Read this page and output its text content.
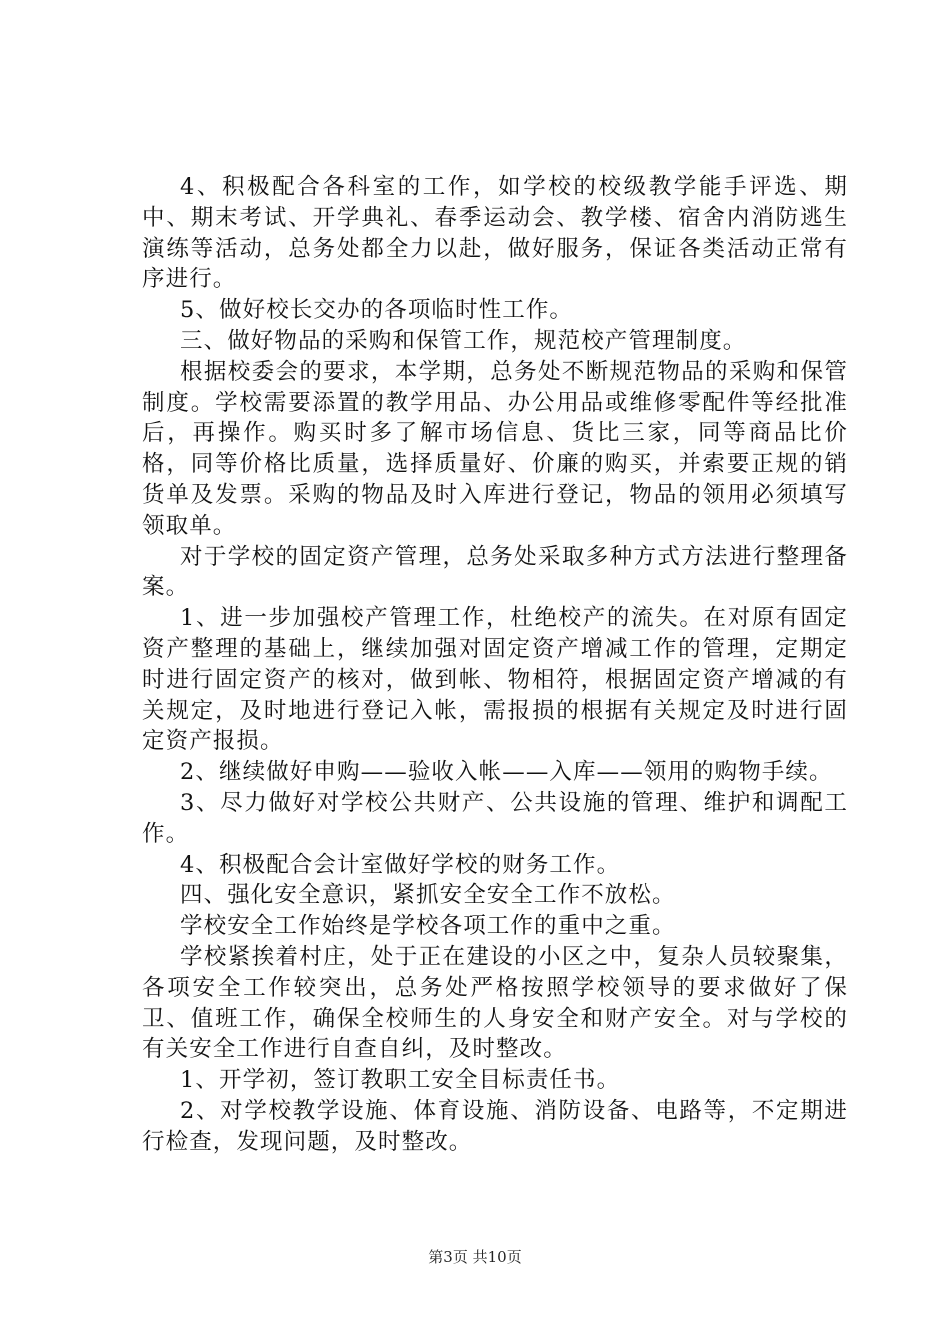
4、积极配合各科室的工作，如学校的校级教学能手评选、期中、期末考试、开学典礼、春季运动会、教学楼、宿舍内消防逃生演练等活动，总务处都全力以赴，做好服务，保证各类活动正常有序进行。

5、做好校长交办的各项临时性工作。

三、做好物品的采购和保管工作，规范校产管理制度。

根据校委会的要求，本学期，总务处不断规范物品的采购和保管制度。学校需要添置的教学用品、办公用品或维修零配件等经批准后，再操作。购买时多了解市场信息、货比三家，同等商品比价格，同等价格比质量，选择质量好、价廉的购买，并索要正规的销货单及发票。采购的物品及时入库进行登记，物品的领用必须填写领取单。

对于学校的固定资产管理，总务处采取多种方式方法进行整理备案。

1、进一步加强校产管理工作，杜绝校产的流失。在对原有固定资产整理的基础上，继续加强对固定资产增减工作的管理，定期定时进行固定资产的核对，做到帐、物相符，根据固定资产增减的有关规定，及时地进行登记入帐，需报损的根据有关规定及时进行固定资产报损。

2、继续做好申购——验收入帐——入库——领用的购物手续。

3、尽力做好对学校公共财产、公共设施的管理、维护和调配工作。

4、积极配合会计室做好学校的财务工作。

四、强化安全意识，紧抓安全安全工作不放松。

学校安全工作始终是学校各项工作的重中之重。

学校紧挨着村庄，处于正在建设的小区之中，复杂人员较聚集，各项安全工作较突出，总务处严格按照学校领导的要求做好了保卫、值班工作，确保全校师生的人身安全和财产安全。对与学校的有关安全工作进行自查自纠，及时整改。

1、开学初，签订教职工安全目标责任书。

2、对学校教学设施、体育设施、消防设备、电路等，不定期进行检查，发现问题，及时整改。

第3页 共10页
